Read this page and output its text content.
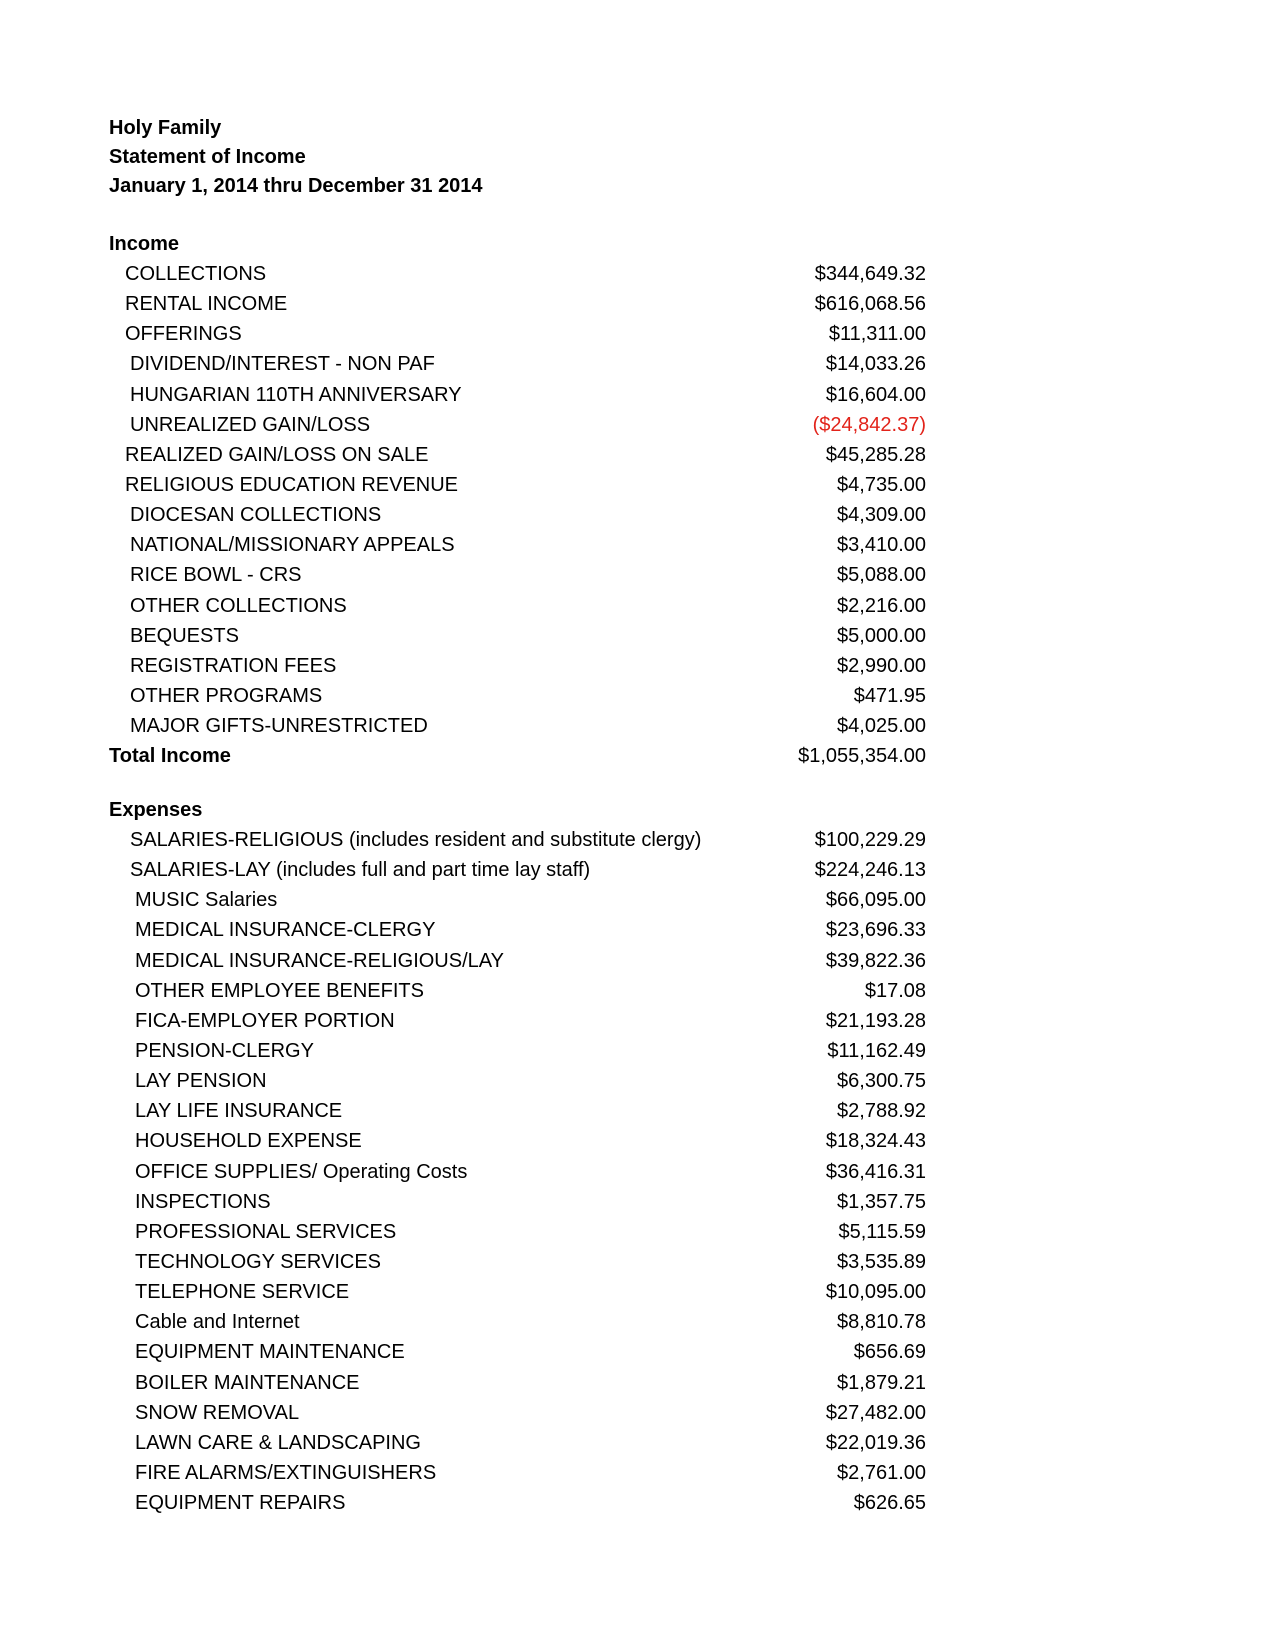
Holy Family
Statement of Income
January 1, 2014 thru December 31 2014
Income
COLLECTIONS	$344,649.32
RENTAL INCOME	$616,068.56
OFFERINGS	$11,311.00
DIVIDEND/INTEREST - NON PAF	$14,033.26
HUNGARIAN 110TH ANNIVERSARY	$16,604.00
UNREALIZED GAIN/LOSS	($24,842.37)
REALIZED GAIN/LOSS ON SALE	$45,285.28
RELIGIOUS EDUCATION REVENUE	$4,735.00
DIOCESAN COLLECTIONS	$4,309.00
NATIONAL/MISSIONARY APPEALS	$3,410.00
RICE BOWL - CRS	$5,088.00
OTHER COLLECTIONS	$2,216.00
BEQUESTS	$5,000.00
REGISTRATION FEES	$2,990.00
OTHER PROGRAMS	$471.95
MAJOR GIFTS-UNRESTRICTED	$4,025.00
Total Income	$1,055,354.00
Expenses
SALARIES-RELIGIOUS (includes resident and substitute clergy)	$100,229.29
SALARIES-LAY (includes full and part time lay staff)	$224,246.13
MUSIC Salaries	$66,095.00
MEDICAL INSURANCE-CLERGY	$23,696.33
MEDICAL INSURANCE-RELIGIOUS/LAY	$39,822.36
OTHER EMPLOYEE BENEFITS	$17.08
FICA-EMPLOYER PORTION	$21,193.28
PENSION-CLERGY	$11,162.49
LAY PENSION	$6,300.75
LAY LIFE INSURANCE	$2,788.92
HOUSEHOLD EXPENSE	$18,324.43
OFFICE SUPPLIES/ Operating Costs	$36,416.31
INSPECTIONS	$1,357.75
PROFESSIONAL SERVICES	$5,115.59
TECHNOLOGY SERVICES	$3,535.89
TELEPHONE SERVICE	$10,095.00
Cable and Internet	$8,810.78
EQUIPMENT MAINTENANCE	$656.69
BOILER MAINTENANCE	$1,879.21
SNOW REMOVAL	$27,482.00
LAWN CARE & LANDSCAPING	$22,019.36
FIRE ALARMS/EXTINGUISHERS	$2,761.00
EQUIPMENT REPAIRS	$626.65
